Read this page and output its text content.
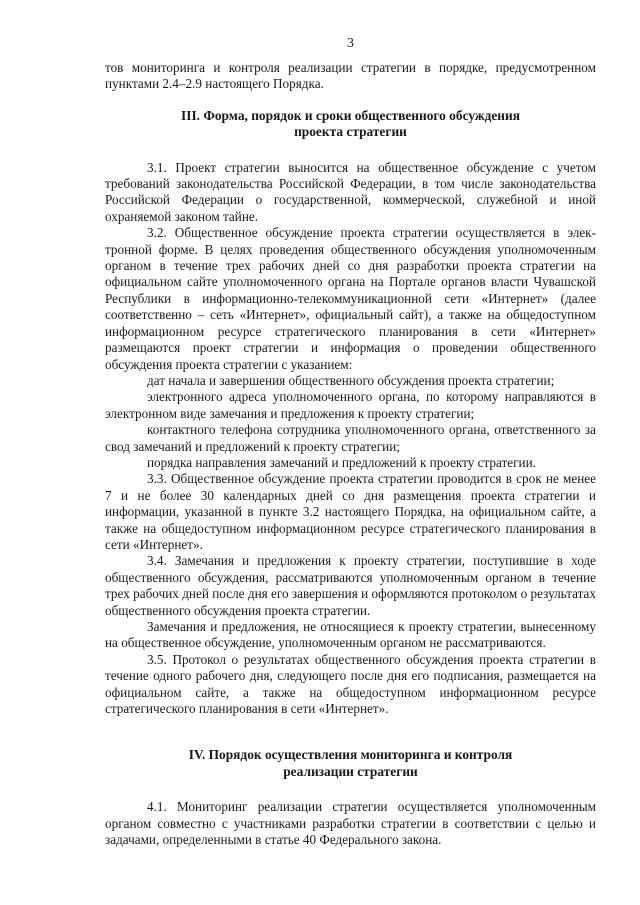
3

тов мониторинга и контроля реализации стратегии в порядке, предусмотренном пунктами 2.4–2.9 настоящего Порядка.

III. Форма, порядок и сроки общественного обсуждения
проекта стратегии

3.1. Проект стратегии выносится на общественное обсуждение с учетом требований законодательства Российской Федерации, в том числе законодательства Российской Федерации о государственной, коммерческой, служебной и иной охраняемой законом тайне.

3.2. Общественное обсуждение проекта стратегии осуществляется в электронной форме. В целях проведения общественного обсуждения уполномоченным органом в течение трех рабочих дней со дня разработки проекта стратегии на официальном сайте уполномоченного органа на Портале органов власти Чувашской Республики в информационно-телекоммуникационной сети «Интернет» (далее соответственно – сеть «Интернет», официальный сайт), а также на общедоступном информационном ресурсе стратегического планирования в сети «Интернет» размещаются проект стратегии и информация о проведении общественного обсуждения проекта стратегии с указанием:

дат начала и завершения общественного обсуждения проекта стратегии;

электронного адреса уполномоченного органа, по которому направляются в электронном виде замечания и предложения к проекту стратегии;

контактного телефона сотрудника уполномоченного органа, ответственного за свод замечаний и предложений к проекту стратегии;

порядка направления замечаний и предложений к проекту стратегии.

3.3. Общественное обсуждение проекта стратегии проводится в срок не менее 7 и не более 30 календарных дней со дня размещения проекта стратегии и информации, указанной в пункте 3.2 настоящего Порядка, на официальном сайте, а также на общедоступном информационном ресурсе стратегического планирования в сети «Интернет».

3.4. Замечания и предложения к проекту стратегии, поступившие в ходе общественного обсуждения, рассматриваются уполномоченным органом в течение трех рабочих дней после дня его завершения и оформляются протоколом о результатах общественного обсуждения проекта стратегии.

Замечания и предложения, не относящиеся к проекту стратегии, вынесенному на общественное обсуждение, уполномоченным органом не рассматриваются.

3.5. Протокол о результатах общественного обсуждения проекта стратегии в течение одного рабочего дня, следующего после дня его подписания, размещается на официальном сайте, а также на общедоступном информационном ресурсе стратегического планирования в сети «Интернет».

IV. Порядок осуществления мониторинга и контроля
реализации стратегии

4.1. Мониторинг реализации стратегии осуществляется уполномоченным органом совместно с участниками разработки стратегии в соответствии с целью и задачами, определенными в статье 40 Федерального закона.
